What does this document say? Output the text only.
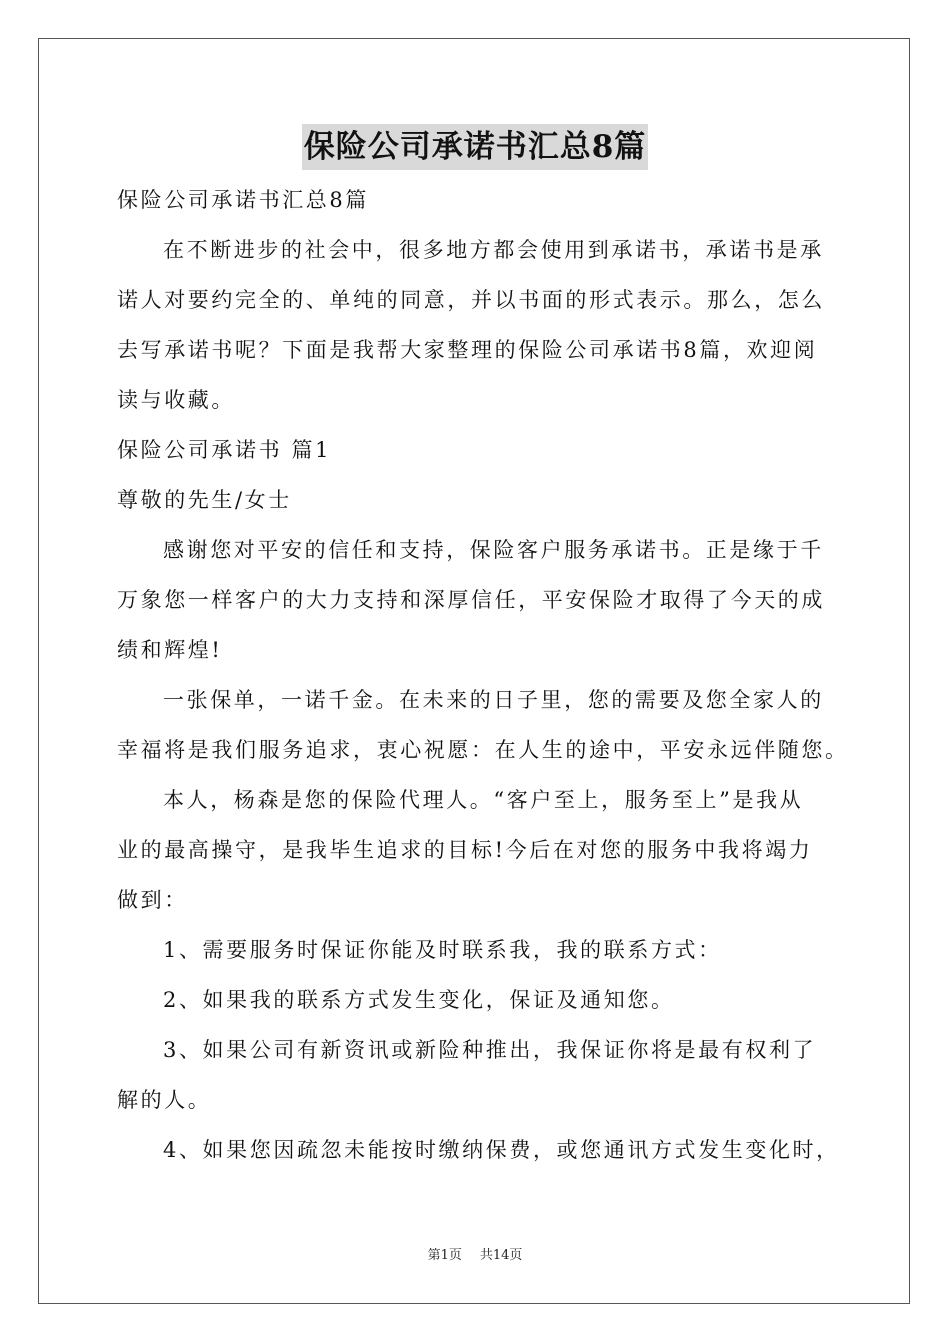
保险公司承诺书汇总8篇

保险公司承诺书汇总8篇

在不断进步的社会中，很多地方都会使用到承诺书，承诺书是承

诺人对要约完全的、单纯的同意，并以书面的形式表示。那么，怎么

去写承诺书呢？下面是我帮大家整理的保险公司承诺书8篇，欢迎阅

读与收藏。

保险公司承诺书 篇1

尊敬的先生/女士

感谢您对平安的信任和支持，保险客户服务承诺书。正是缘于千

万象您一样客户的大力支持和深厚信任，平安保险才取得了今天的成

绩和辉煌!

一张保单，一诺千金。在未来的日子里，您的需要及您全家人的

幸福将是我们服务追求，衷心祝愿：在人生的途中，平安永远伴随您。

本人，杨森是您的保险代理人。“客户至上，服务至上”是我从

业的最高操守，是我毕生追求的目标!今后在对您的服务中我将竭力

做到：

1、需要服务时保证你能及时联系我，我的联系方式：

2、如果我的联系方式发生变化，保证及通知您。

3、如果公司有新资讯或新险种推出，我保证你将是最有权利了

解的人。

4、如果您因疏忽未能按时缴纳保费，或您通讯方式发生变化时，

第1页 共14页
